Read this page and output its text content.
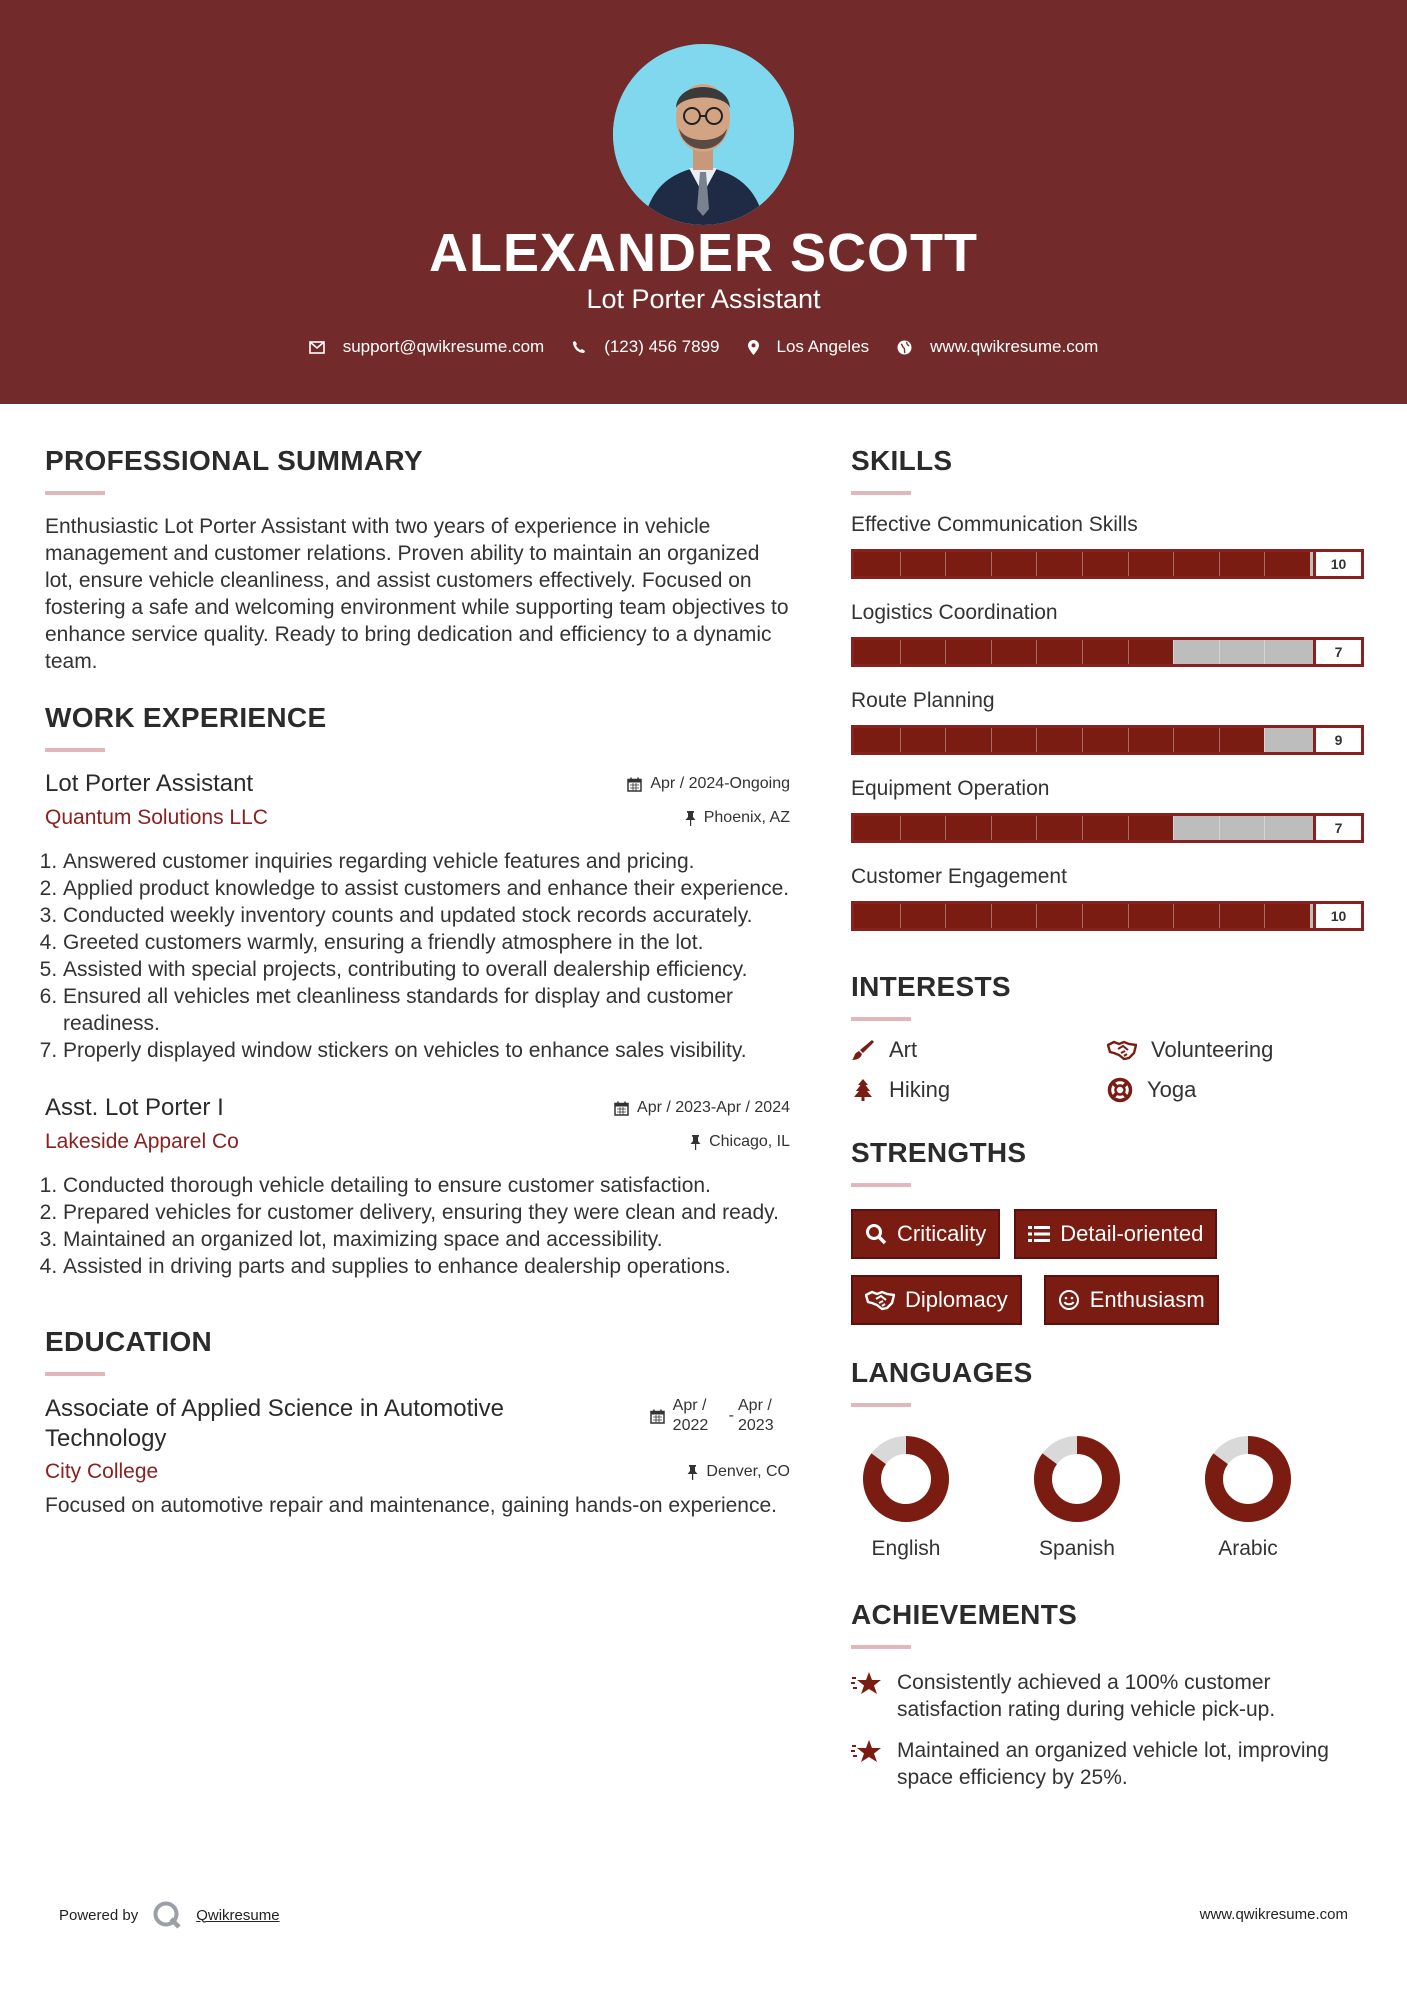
ALEXANDER SCOTT
Lot Porter Assistant
support@qwikresume.com	(123) 456 7899	Los Angeles	www.qwikresume.com
PROFESSIONAL SUMMARY

Enthusiastic Lot Porter Assistant with two years of experience in vehicle management and customer relations. Proven ability to maintain an organized lot, ensure vehicle cleanliness, and assist customers effectively. Focused on fostering a safe and welcoming environment while supporting team objectives to enhance service quality. Ready to bring dedication and efficiency to a dynamic team.

WORK EXPERIENCE
Lot Porter Assistant	Apr / 2024-Ongoing
Quantum Solutions LLC	Phoenix, AZ
1. Answered customer inquiries regarding vehicle features and pricing.
2. Applied product knowledge to assist customers and enhance their experience.
3. Conducted weekly inventory counts and updated stock records accurately.
4. Greeted customers warmly, ensuring a friendly atmosphere in the lot.
5. Assisted with special projects, contributing to overall dealership efficiency.
6. Ensured all vehicles met cleanliness standards for display and customer readiness.
7. Properly displayed window stickers on vehicles to enhance sales visibility.
Asst. Lot Porter I	Apr / 2023-Apr / 2024
Lakeside Apparel Co	Chicago, IL
1. Conducted thorough vehicle detailing to ensure customer satisfaction.
2. Prepared vehicles for customer delivery, ensuring they were clean and ready.
3. Maintained an organized lot, maximizing space and accessibility.
4. Assisted in driving parts and supplies to enhance dealership operations.
EDUCATION
Associate of Applied Science in Automotive Technology
Apr / 2022
-
Apr / 2023
City College	Denver, CO

Focused on automotive repair and maintenance, gaining hands-on experience.

SKILLS
Effective Communication Skills
10
Logistics Coordination
7
Route Planning
9
Equipment Operation
7
Customer Engagement
10
INTERESTS
Art	Volunteering
Hiking	Yoga
STRENGTHS
Criticality	Detail-oriented
Diplomacy	Enthusiasm
LANGUAGES
English	Spanish	Arabic
ACHIEVEMENTS
Consistently achieved a 100% customer satisfaction rating during vehicle pick-up.
Maintained an organized vehicle lot, improving space efficiency by 25%.
Powered by	Qwikresume	www.qwikresume.com
